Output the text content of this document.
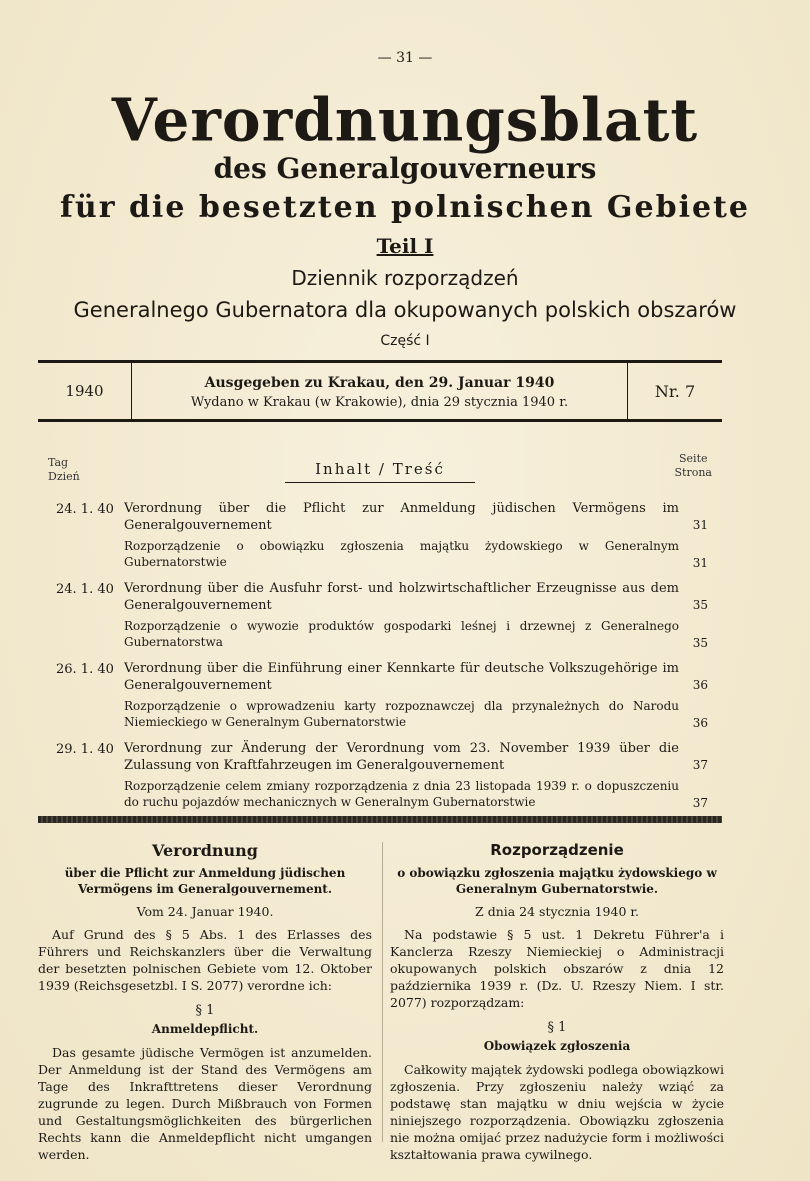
— 31 —
Verordnungsblatt
des Generalgouverneurs
für die besetzten polnischen Gebiete
Teil I
Dziennik rozporządzeń
Generalnego Gubernatora dla okupowanych polskich obszarów
Część I
1940	Ausgegeben zu Krakau, den 29. Januar 1940
Wydano w Krakau (w Krakowie), dnia 29 stycznia 1940 r.
Nr. 7
Tag
Dzień	Inhalt / Treść
Seite
Strona
24. 1. 40 Verordnung über die Pflicht zur Anmeldung jüdischen Vermögens im Generalgouvernement	31
Rozporządzenie o obowiązku zgłoszenia majątku żydowskiego w Generalnym Gubernatorstwie	31
24. 1. 40 Verordnung über die Ausfuhr forst- und holzwirtschaftlicher Erzeugnisse aus dem Generalgouvernement	35
Rozporządzenie o wywozie produktów gospodarki leśnej i drzewnej z Generalnego Gubernatorstwa	35
26. 1. 40 Verordnung über die Einführung einer Kennkarte für deutsche Volkszugehörige im Generalgouvernement	36
Rozporządzenie o wprowadzeniu karty rozpoznawczej dla przynależnych do Narodu Niemieckiego w Generalnym Gubernatorstwie	36
29. 1. 40 Verordnung zur Änderung der Verordnung vom 23. November 1939 über die Zulassung von Kraftfahrzeugen im Generalgouvernement	37
Rozporządzenie celem zmiany rozporządzenia z dnia 23 listopada 1939 r. o dopuszczeniu do ruchu pojazdów mechanicznych w Generalnym Gubernatorstwie	37
Verordnung
über die Pflicht zur Anmeldung jüdischen Vermögens im Generalgouvernement.
Vom 24. Januar 1940.
Auf Grund des § 5 Abs. 1 des Erlasses des Führers und Reichskanzlers über die Verwaltung der besetzten polnischen Gebiete vom 12. Oktober 1939 (Reichsgesetzbl. I S. 2077) verordne ich:
§ 1
Anmeldepflicht.
Das gesamte jüdische Vermögen ist anzumelden. Der Anmeldung ist der Stand des Vermögens am Tage des Inkrafttretens dieser Verordnung zugrunde zu legen. Durch Mißbrauch von Formen und Gestaltungsmöglichkeiten des bürgerlichen Rechts kann die Anmeldepflicht nicht umgangen werden.
Rozporządzenie
o obowiązku zgłoszenia majątku żydowskiego w Generalnym Gubernatorstwie.
Z dnia 24 stycznia 1940 r.
Na podstawie § 5 ust. 1 Dekretu Führer'a i Kanclerza Rzeszy Niemieckiej o Administracji okupowanych polskich obszarów z dnia 12 października 1939 r. (Dz. U. Rzeszy Niem. I str. 2077) rozporządzam:
§ 1
Obowiązek zgłoszenia
Całkowity majątek żydowski podlega obowiązkowi zgłoszenia. Przy zgłoszeniu należy wziąć za podstawę stan majątku w dniu wejścia w życie niniejszego rozporządzenia. Obowiązku zgłoszenia nie można omijać przez nadużycie form i możliwości kształtowania prawa cywilnego.
